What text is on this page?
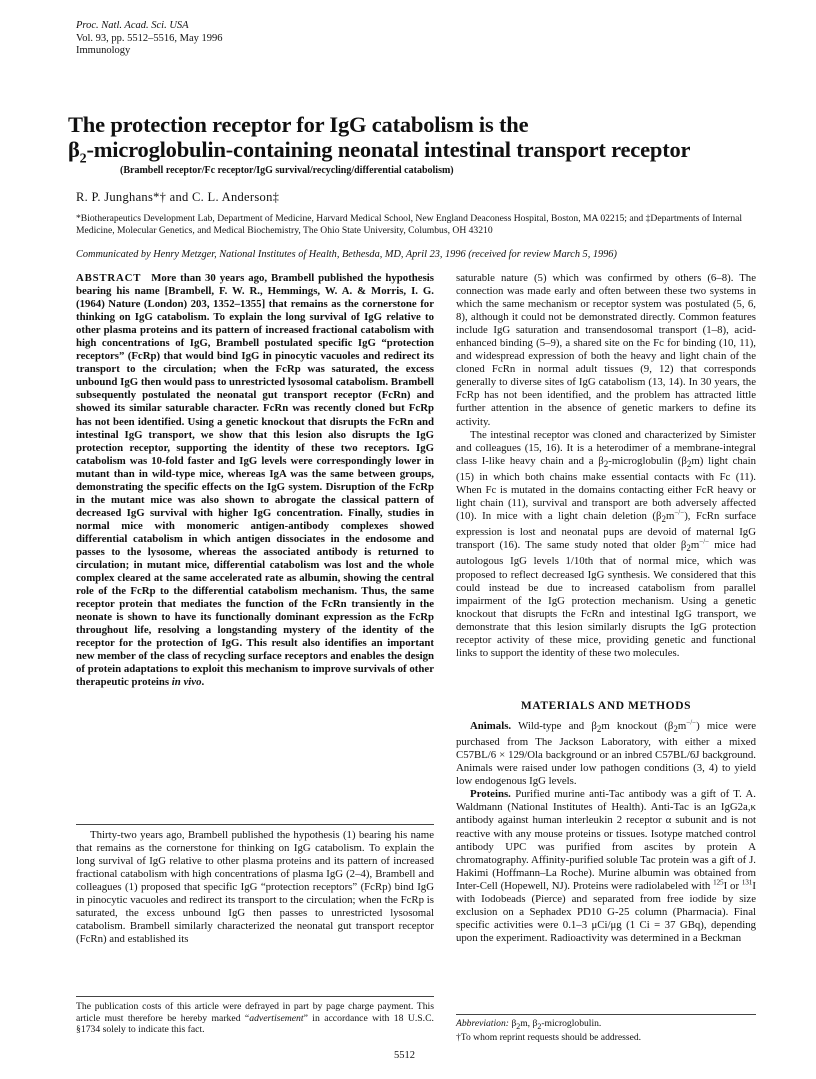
Proc. Natl. Acad. Sci. USA
Vol. 93, pp. 5512–5516, May 1996
Immunology
The protection receptor for IgG catabolism is the
$\beta_2-microglobulin$-containing neonatal intestinal transport receptor
(Brambell receptor/Fc receptor/IgG survival/recycling/differential catabolism)
R. P. Junghans*† and C. L. Anderson‡
*Biotherapeutics Development Lab, Department of Medicine, Harvard Medical School, New England Deaconess Hospital, Boston, MA 02215; and ‡Departments of Internal Medicine, Molecular Genetics, and Medical Biochemistry, The Ohio State University, Columbus, OH 43210
Communicated by Henry Metzger, National Institutes of Health, Bethesda, MD, April 23, 1996 (received for review March 5, 1996)

ABSTRACT More than 30 years ago, Brambell published the hypothesis bearing his name [Brambell, F. W. R., Hemmings, W. A. & Morris, I. G. (1964) Nature (London) 203, 1352–1355] that remains as the cornerstone for thinking on IgG catabolism. To explain the long survival of IgG relative to other plasma proteins and its pattern of increased fractional catabolism with high concentrations of IgG, Brambell postulated specific IgG “protection receptors” (FcRp) that would bind IgG in pinocytic vacuoles and redirect its transport to the circulation; when the FcRp was saturated, the excess unbound IgG then would pass to unrestricted lysosomal catabolism. Brambell subsequently postulated the neonatal gut transport receptor (FcRn) and showed its similar saturable character. FcRn was recently cloned but FcRp has not been identified. Using a genetic knockout that disrupts the FcRn and intestinal IgG transport, we show that this lesion also disrupts the IgG protection receptor, supporting the identity of these two receptors. IgG catabolism was 10-fold faster and IgG levels were correspondingly lower in mutant than in wild-type mice, whereas IgA was the same between groups, demonstrating the specific effects on the IgG system. Disruption of the FcRp in the mutant mice was also shown to abrogate the classical pattern of decreased IgG survival with higher IgG concentration. Finally, studies in normal mice with monomeric antigen-antibody complexes showed differential catabolism in which antigen dissociates in the endosome and passes to the lysosome, whereas the associated antibody is returned to circulation; in mutant mice, differential catabolism was lost and the whole complex cleared at the same accelerated rate as albumin, showing the central role of the FcRp to the differential catabolism mechanism. Thus, the same receptor protein that mediates the function of the FcRn transiently in the neonate is shown to have its functionally dominant expression as the FcRp throughout life, resolving a longstanding mystery of the identity of the receptor for the protection of IgG. This result also identifies an important new member of the class of recycling surface receptors and enables the design of protein adaptations to exploit this mechanism to improve survivals of other therapeutic proteins in vivo.

Thirty-two years ago, Brambell published the hypothesis (1) bearing his name that remains as the cornerstone for thinking on IgG catabolism. To explain the long survival of IgG relative to other plasma proteins and its pattern of increased fractional catabolism with high concentrations of plasma IgG (2–4), Brambell and colleagues (1) proposed that specific IgG “protection receptors” (FcRp) bind IgG in pinocytic vacuoles and redirect its transport to the circulation; when the FcRp is saturated, the excess unbound IgG then passes to unrestricted lysosomal catabolism. Brambell similarly characterized the neonatal gut transport receptor (FcRn) and established its

saturable nature (5) which was confirmed by others (6–8). The connection was made early and often between these two systems in which the same mechanism or receptor system was postulated (5, 6, 8), although it could not be demonstrated directly. Common features include IgG saturation and transendosomal transport (1–8), acid-enhanced binding (5–9), a shared site on the Fc for binding (10, 11), and widespread expression of both the heavy and light chain of the cloned FcRn in normal adult tissues (9, 12) that corresponds generally to diverse sites of IgG catabolism (13, 14). In 30 years, the FcRp has not been identified, and the problem has attracted little further attention in the absence of genetic markers to define its activity.

The intestinal receptor was cloned and characterized by Simister and colleagues (15, 16). It is a heterodimer of a membrane-integral class I-like heavy chain and a $\beta_2$-microglobulin $(\beta_2m)$ light chain (15) in which both chains make essential contacts with Fc (11). When Fc is mutated in the domains contacting either FcR heavy or light chain (11), survival and transport are both adversely affected (10). In mice with a light chain deletion $(\beta_2m^{-/-})$, FcRn surface expression is lost and neonatal pups are devoid of maternal IgG transport (16). The same study noted that older $\beta_2m^{-/-}$ mice had autologous IgG levels 1/10th that of normal mice, which was proposed to reflect decreased IgG synthesis. We considered that this could instead be due to increased catabolism from parallel impairment of the IgG protection mechanism. Using a genetic knockout that disrupts the FcRn and intestinal IgG transport, we demonstrate that this lesion similarly disrupts the IgG protection receptor activity of these mice, providing genetic and functional links to support the identity of these two molecules.

MATERIALS AND METHODS

Animals. Wild-type and $\beta_2m$ knockout $(\beta_2m^{-/-})$ mice were purchased from The Jackson Laboratory, with either a mixed C57BL/6 × 129/Ola background or an inbred C57BL/6J background. Animals were raised under low pathogen conditions (3, 4) to yield low endogenous IgG levels.

Proteins. Purified murine anti-Tac antibody was a gift of T. A. Waldmann (National Institutes of Health). Anti-Tac is an IgG2a,κ antibody against human interleukin 2 receptor α subunit and is not reactive with any mouse proteins or tissues. Isotype matched control antibody UPC was purified from ascites by protein A chromatography. Affinity-purified soluble Tac protein was a gift of J. Hakimi (Hoffmann–La Roche). Murine albumin was obtained from Inter-Cell (Hopewell, NJ). Proteins were radiolabeled with $^{125}$I or $^{131}$I with Iodobeads (Pierce) and separated from free iodide by size exclusion on a Sephadex PD10 G-25 column (Pharmacia). Final specific activities were 0.1–3 μCi/μg (1 Ci = 37 GBq), depending upon the experiment. Radioactivity was determined in a Beckman

The publication costs of this article were defrayed in part by page charge payment. This article must therefore be hereby marked “advertisement” in accordance with 18 U.S.C. §1734 solely to indicate this fact.
Abbreviation: $\beta_2m$, $\beta_2$-microglobulin.
†To whom reprint requests should be addressed.
5512
